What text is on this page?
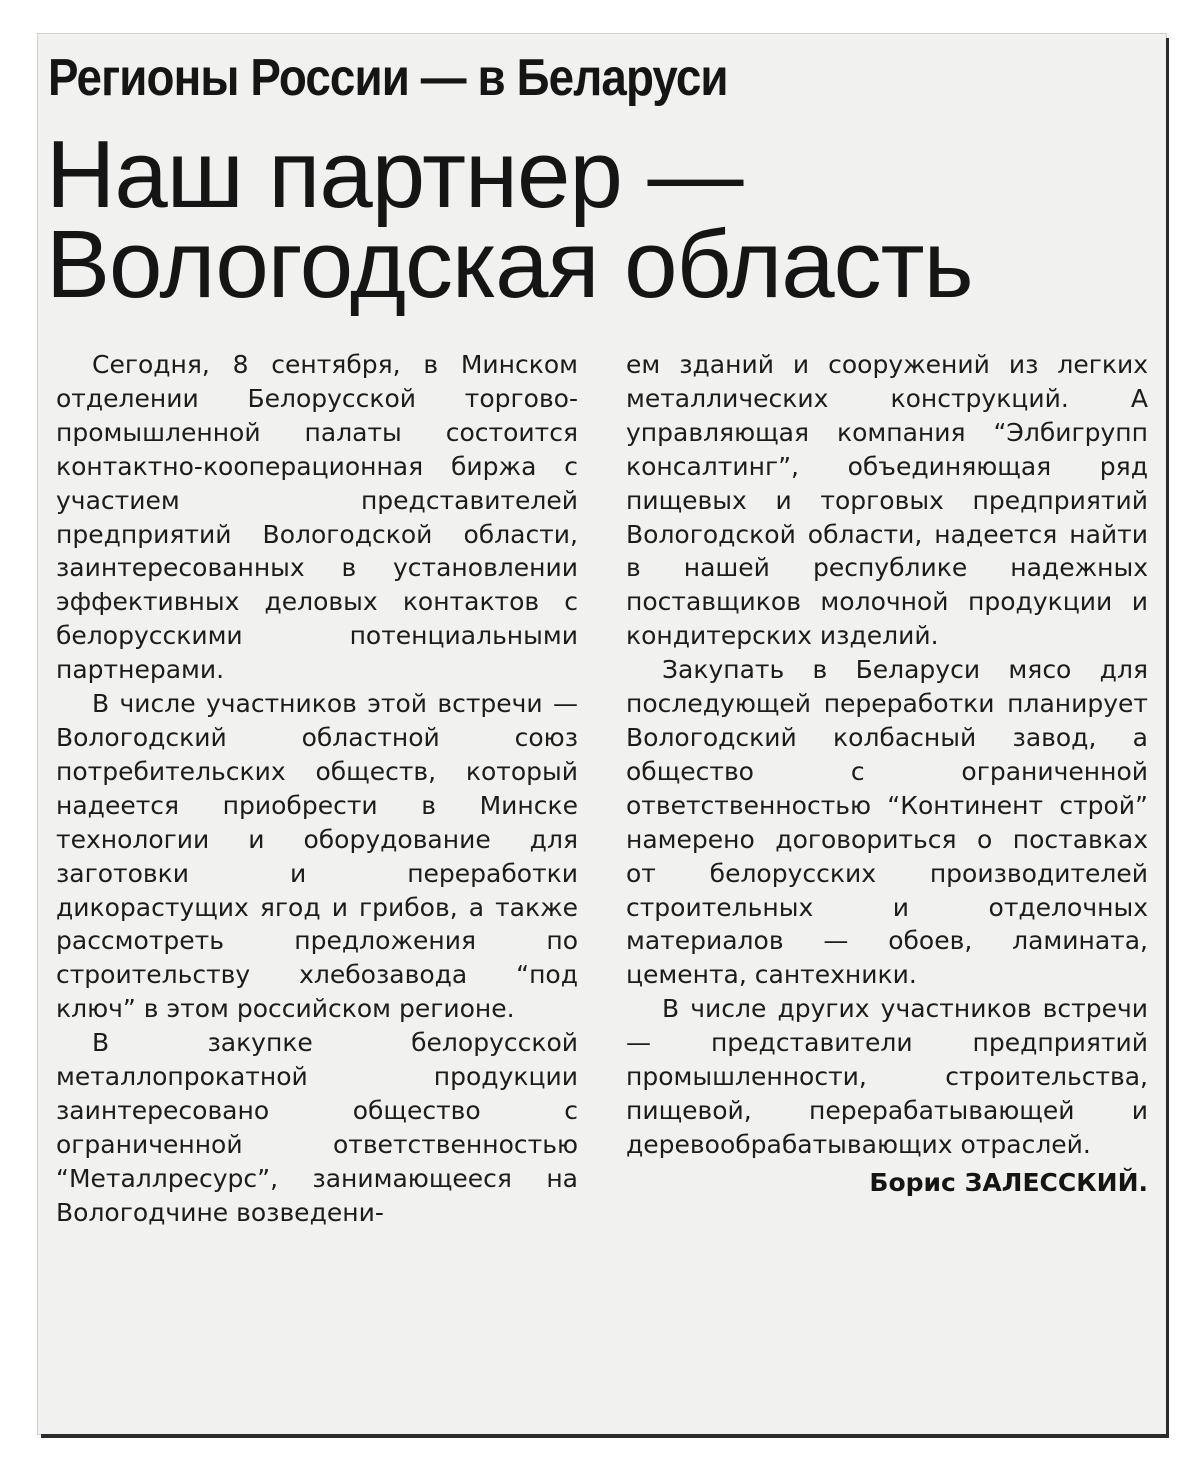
Регионы России — в Беларуси
Наш партнер —
Вологодская область

Сегодня, 8 сентября, в Минском отделении Белорусской торгово-промышленной палаты состоится контактно-кооперационная биржа с участием представителей предприятий Вологодской области, заинтересованных в установлении эффективных деловых контактов с белорусскими потенциальными партнерами.

В числе участников этой встречи — Вологодский областной союз потребительских обществ, который надеется приобрести в Минске технологии и оборудование для заготовки и переработки дикорастущих ягод и грибов, а также рассмотреть предложения по строительству хлебозавода “под ключ” в этом российском регионе.

В закупке белорусской металлопрокатной продукции заинтересовано общество с ограниченной ответственностью “Металлресурс”, занимающееся на Вологодчине возведени-

ем зданий и сооружений из легких металлических конструкций. А управляющая компания “Элбигрупп консалтинг”, объединяющая ряд пищевых и торговых предприятий Вологодской области, надеется найти в нашей республике надежных поставщиков молочной продукции и кондитерских изделий.

Закупать в Беларуси мясо для последующей переработки планирует Вологодский колбасный завод, а общество с ограниченной ответственностью “Континент строй” намерено договориться о поставках от белорусских производителей строительных и отделочных материалов — обоев, ламината, цемента, сантехники.

В числе других участников встречи — представители предприятий промышленности, строительства, пищевой, перерабатывающей и деревообрабатывающих отраслей.

Борис ЗАЛЕССКИЙ.
